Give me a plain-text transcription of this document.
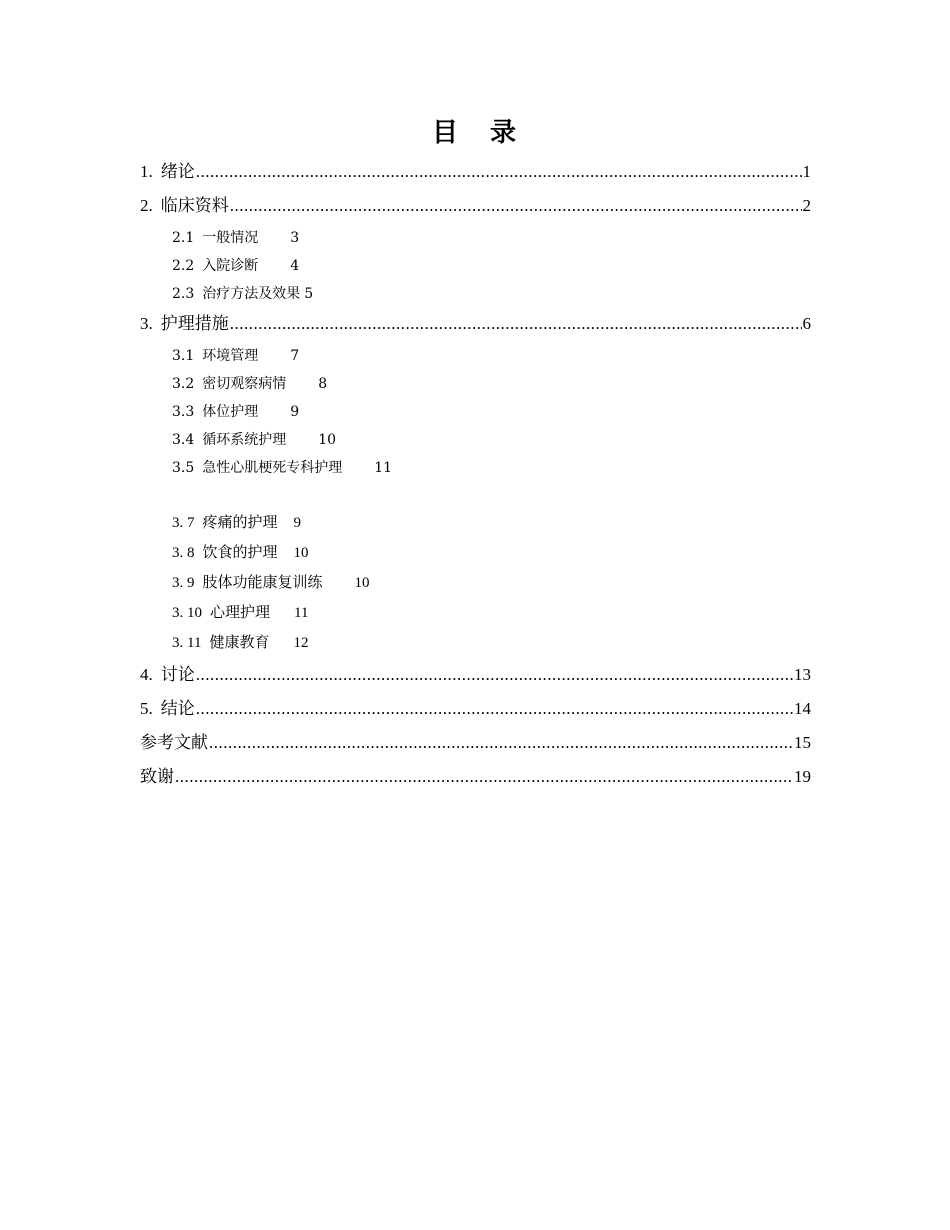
目 录
1. 绪论 .....	1
2. 临床资料 .....	2
2.1 一般情况 3
2.2 入院诊断 4
2.3 治疗方法及效果 5
3. 护理措施 .....	6
3.1 环境管理 7
3.2 密切观察病情 8
3.3 体位护理 9
3.4 循环系统护理 10
3.5 急性心肌梗死专科护理 11
3. 7 疼痛的护理 9
3. 8 饮食的护理 10
3. 9 肢体功能康复训练 10
3. 10 心理护理 11
3. 11 健康教育 12
4. 讨论 .....	13
5. 结论 .....	14
参考文献 .....	15
致谢 .....	19
